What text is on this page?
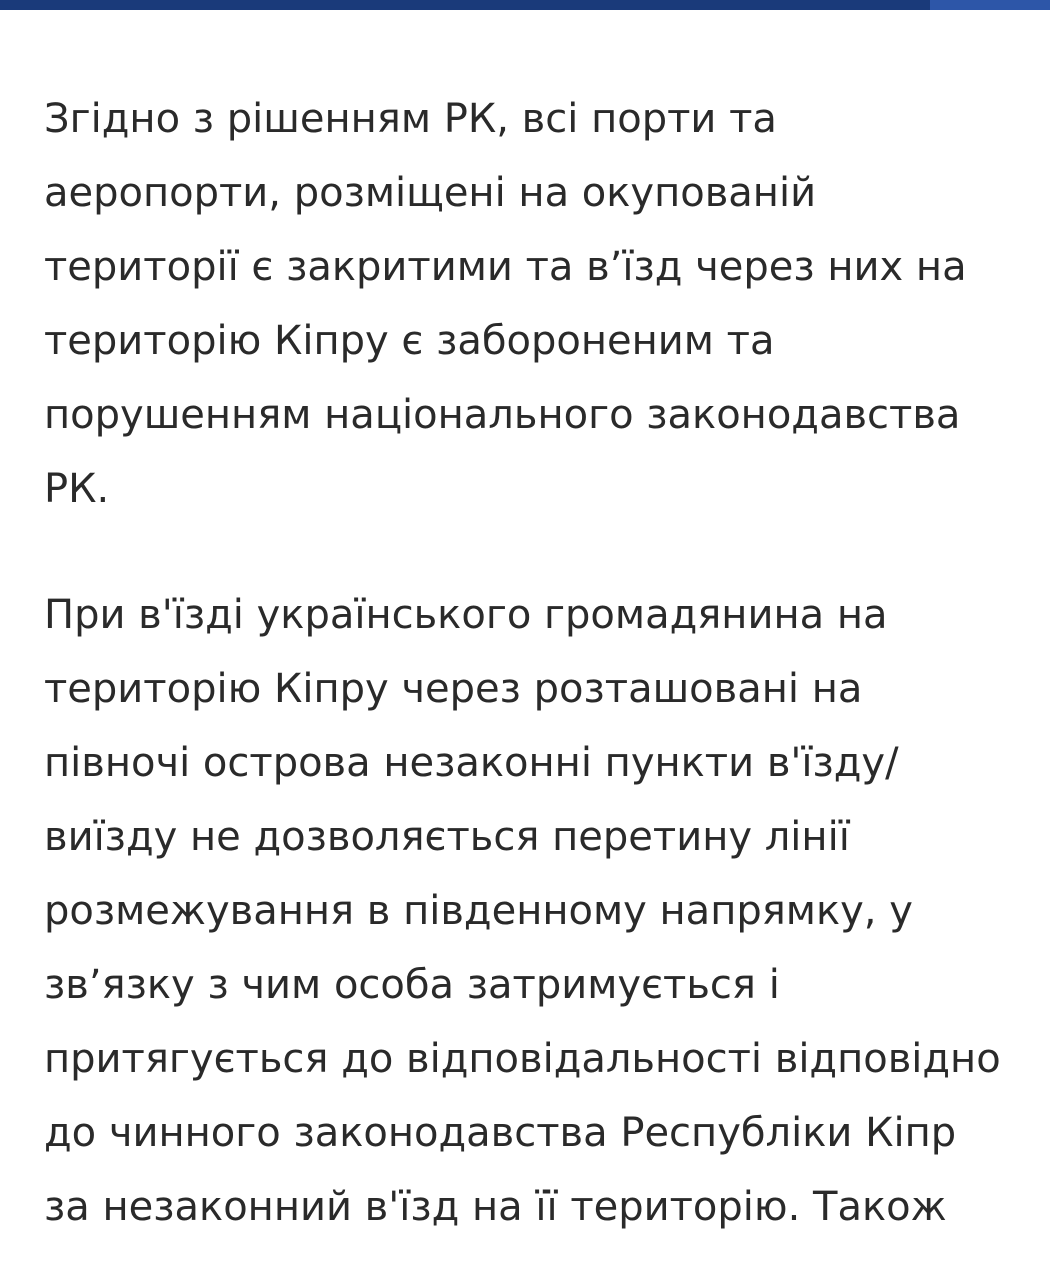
Згідно з рішенням РК, всі порти та
аеропорти, розміщені на окупованій
території є закритими та вʼїзд через них на
територію Кіпру є забороненим та
порушенням національного законодавства
РК.

При в'їзді українського громадянина на
територію Кіпру через розташовані на
півночі острова незаконні пункти в'їзду/
виїзду не дозволяється перетину лінії
розмежування в південному напрямку, у
звʼязку з чим особа затримується і
притягується до відповідальності відповідно
до чинного законодавства Республіки Кіпр
за незаконний в'їзд на її територію. Також
